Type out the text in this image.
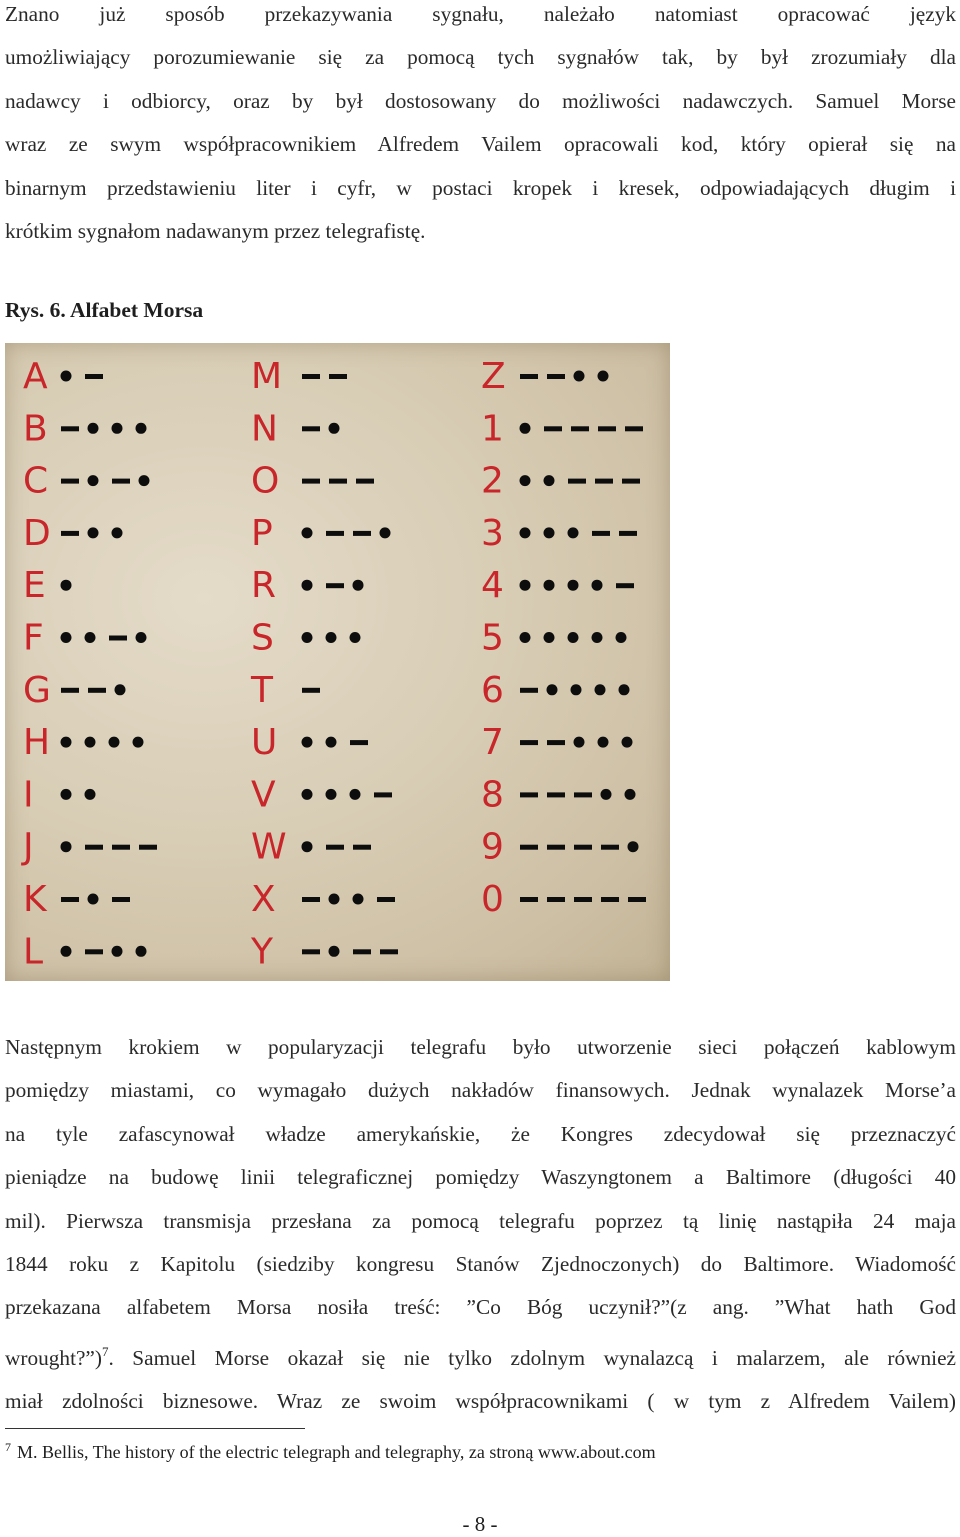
Znano już sposób przekazywania sygnału, należało natomiast opracować język
umożliwiający porozumiewanie się za pomocą tych sygnałów tak, by był zrozumiały dla
nadawcy i odbiorcy, oraz by był dostosowany do możliwości nadawczych. Samuel Morse
wraz ze swym współpracownikiem Alfredem Vailem opracowali kod, który opierał się na
binarnym przedstawieniu liter i cyfr, w postaci kropek i kresek, odpowiadających długim i
krótkim sygnałom nadawanym przez telegrafistę.
Rys. 6. Alfabet Morsa
A
B
C
D
E
F
G
H
I
J
K
L
M
N
O
P
R
S
T
U
V
W
X
Y
Z
1
2
3
4
5
6
7
8
9
0
Następnym krokiem w popularyzacji telegrafu było utworzenie sieci połączeń kablowym
pomiędzy miastami, co wymagało dużych nakładów finansowych. Jednak wynalazek Morse’a
na tyle zafascynował władze amerykańskie, że Kongres zdecydował się przeznaczyć
pieniądze na budowę linii telegraficznej pomiędzy Waszyngtonem a Baltimore (długości 40
mil). Pierwsza transmisja przesłana za pomocą telegrafu poprzez tą linię nastąpiła 24 maja
1844 roku z Kapitolu (siedziby kongresu Stanów Zjednoczonych) do Baltimore. Wiadomość
przekazana alfabetem Morsa nosiła treść: ”Co Bóg uczynił?”(z ang. ”What hath God
wrought?”)$^7$. Samuel Morse okazał się nie tylko zdolnym wynalazcą i malarzem, ale również
miał zdolności biznesowe. Wraz ze swoim współpracownikami ( w tym z Alfredem Vailem)
$^7$ M. Bellis, The history of the electric telegraph and telegraphy, za stroną www.about.com
- 8 -
